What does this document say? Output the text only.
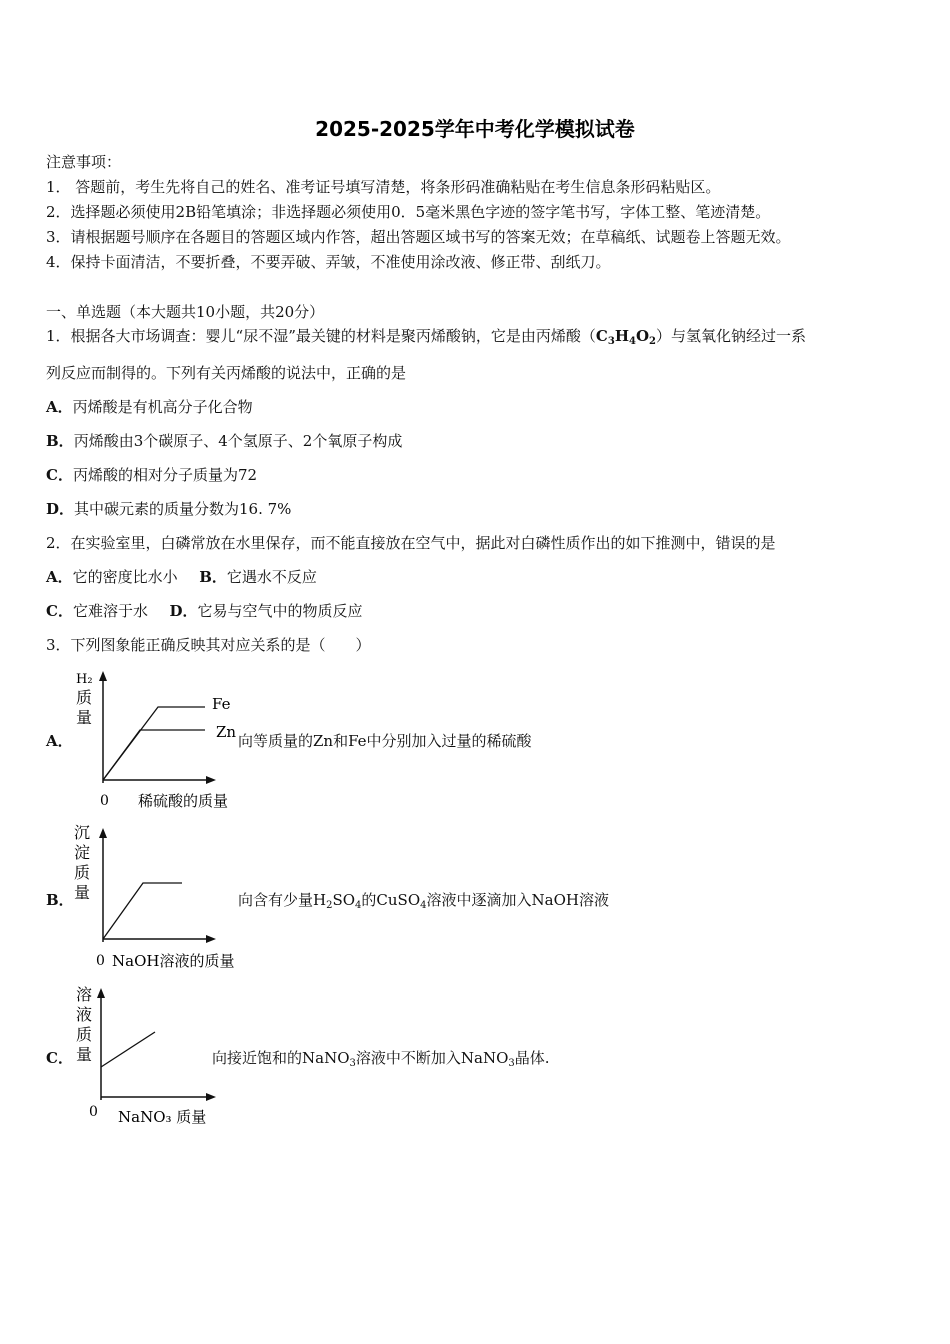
2025-2025学年中考化学模拟试卷
注意事项：
1． 答题前，考生先将自己的姓名、准考证号填写清楚，将条形码准确粘贴在考生信息条形码粘贴区。
2．选择题必须使用2B铅笔填涂；非选择题必须使用0．5毫米黑色字迹的签字笔书写，字体工整、笔迹清楚。
3．请根据题号顺序在各题目的答题区域内作答，超出答题区域书写的答案无效；在草稿纸、试题卷上答题无效。
4．保持卡面清洁，不要折叠，不要弄破、弄皱，不准使用涂改液、修正带、刮纸刀。
一、单选题（本大题共10小题，共20分）
1．根据各大市场调查：婴儿“尿不湿”最关键的材料是聚丙烯酸钠，它是由丙烯酸$(C_3H_4O_2)$与氢氧化钠经过一系
列反应而制得的。下列有关丙烯酸的说法中，正确的是
A．丙烯酸是有机高分子化合物
B．丙烯酸由3个碳原子、4个氢原子、2个氧原子构成
C．丙烯酸的相对分子质量为72
D．其中碳元素的质量分数为16. 7%
2．在实验室里，白磷常放在水里保存，而不能直接放在空气中，据此对白磷性质作出的如下推测中，错误的是
A．它的密度比水小 B．它遇水不反应
C．它难溶于水 D．它易与空气中的物质反应
3．下列图象能正确反映其对应关系的是（　　）
A．
H₂
质
量
Fe
Zn
0 稀硫酸的质量
向等质量的Zn和Fe中分别加入过量的稀硫酸
B．
沉
淀
质
量
0 NaOH溶液的质量
向含有少量$H_2SO_4$的CuSO$_4$溶液中逐滴加入NaOH溶液
C．
溶
液
质
量
0 NaNO₃ 质量
向接近饱和的NaNO$_3$溶液中不断加入NaNO$_3$晶体.
